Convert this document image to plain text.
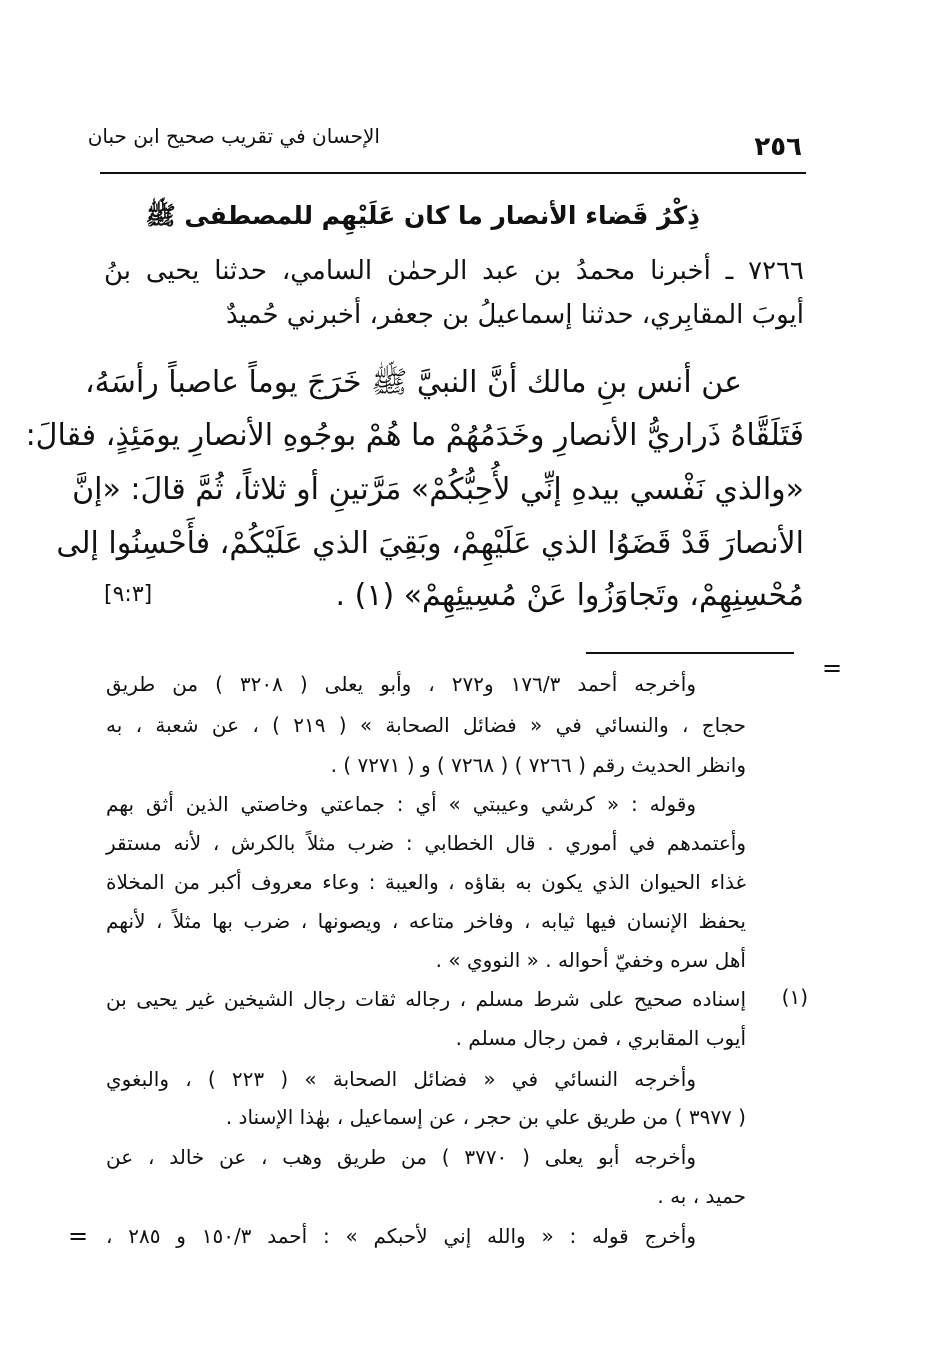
الإحسان في تقريب صحيح ابن حبان	٢٥٦
ذِكْرُ قَضاء الأنصار ما كان عَلَيْهِم للمصطفى ﷺ
٧٢٦٦ ـ أخبرنا محمدُ بن عبد الرحمٰن السامي، حدثنا يحيى بنُ
أيوبَ المقابِري، حدثنا إسماعيلُ بن جعفر، أخبرني حُميدٌ
عن أنس بنِ مالك أنَّ النبيَّ ﷺ خَرَجَ يوماً عاصباً رأسَهُ،
فَتَلَقَّاهُ ذَراريُّ الأنصارِ وخَدَمُهُمْ ما هُمْ بوجُوهِ الأنصارِ يومَئِذٍ، فقالَ:
«والذي نَفْسي بيدهِ إنِّي لأُحِبُّكُمْ» مَرَّتينِ أو ثلاثاً، ثُمَّ قالَ: «إنَّ
الأنصارَ قَدْ قَضَوُا الذي عَلَيْهِمْ، وبَقِيَ الذي عَلَيْكُمْ، فأَحْسِنُوا إلى
مُحْسِنِهِمْ، وتَجاوَزُوا عَنْ مُسِيئِهِمْ» (١) .
[٩:٣]
=
وأخرجه أحمد ١٧٦/٣ و٢٧٢ ، وأبو يعلى ( ٣٢٠٨ ) من طريق
حجاج ، والنسائي في « فضائل الصحابة » ( ٢١٩ ) ، عن شعبة ، به
وانظر الحديث رقم ( ٧٢٦٦ ) ( ٧٢٦٨ ) و ( ٧٢٧١ ) .
وقوله : « كرشي وعيبتي » أي : جماعتي وخاصتي الذين أثق بهم
وأعتمدهم في أموري . قال الخطابي : ضرب مثلاً بالكرش ، لأنه مستقر
غذاء الحيوان الذي يكون به بقاؤه ، والعيبة : وعاء معروف أكبر من المخلاة
يحفظ الإنسان فيها ثيابه ، وفاخر متاعه ، ويصونها ، ضرب بها مثلاً ، لأنهم
أهل سره وخفيّ أحواله . « النووي » .
(١)
إسناده صحيح على شرط مسلم ، رجاله ثقات رجال الشيخين غير يحيى بن
أيوب المقابري ، فمن رجال مسلم .
وأخرجه النسائي في « فضائل الصحابة » ( ٢٢٣ ) ، والبغوي
( ٣٩٧٧ ) من طريق علي بن حجر ، عن إسماعيل ، بهٰذا الإسناد .
وأخرجه أبو يعلى ( ٣٧٧٠ ) من طريق وهب ، عن خالد ، عن
حميد ، به .
وأخرج قوله : « والله إني لأحبكم » : أحمد ١٥٠/٣ و ٢٨٥ ،
=
